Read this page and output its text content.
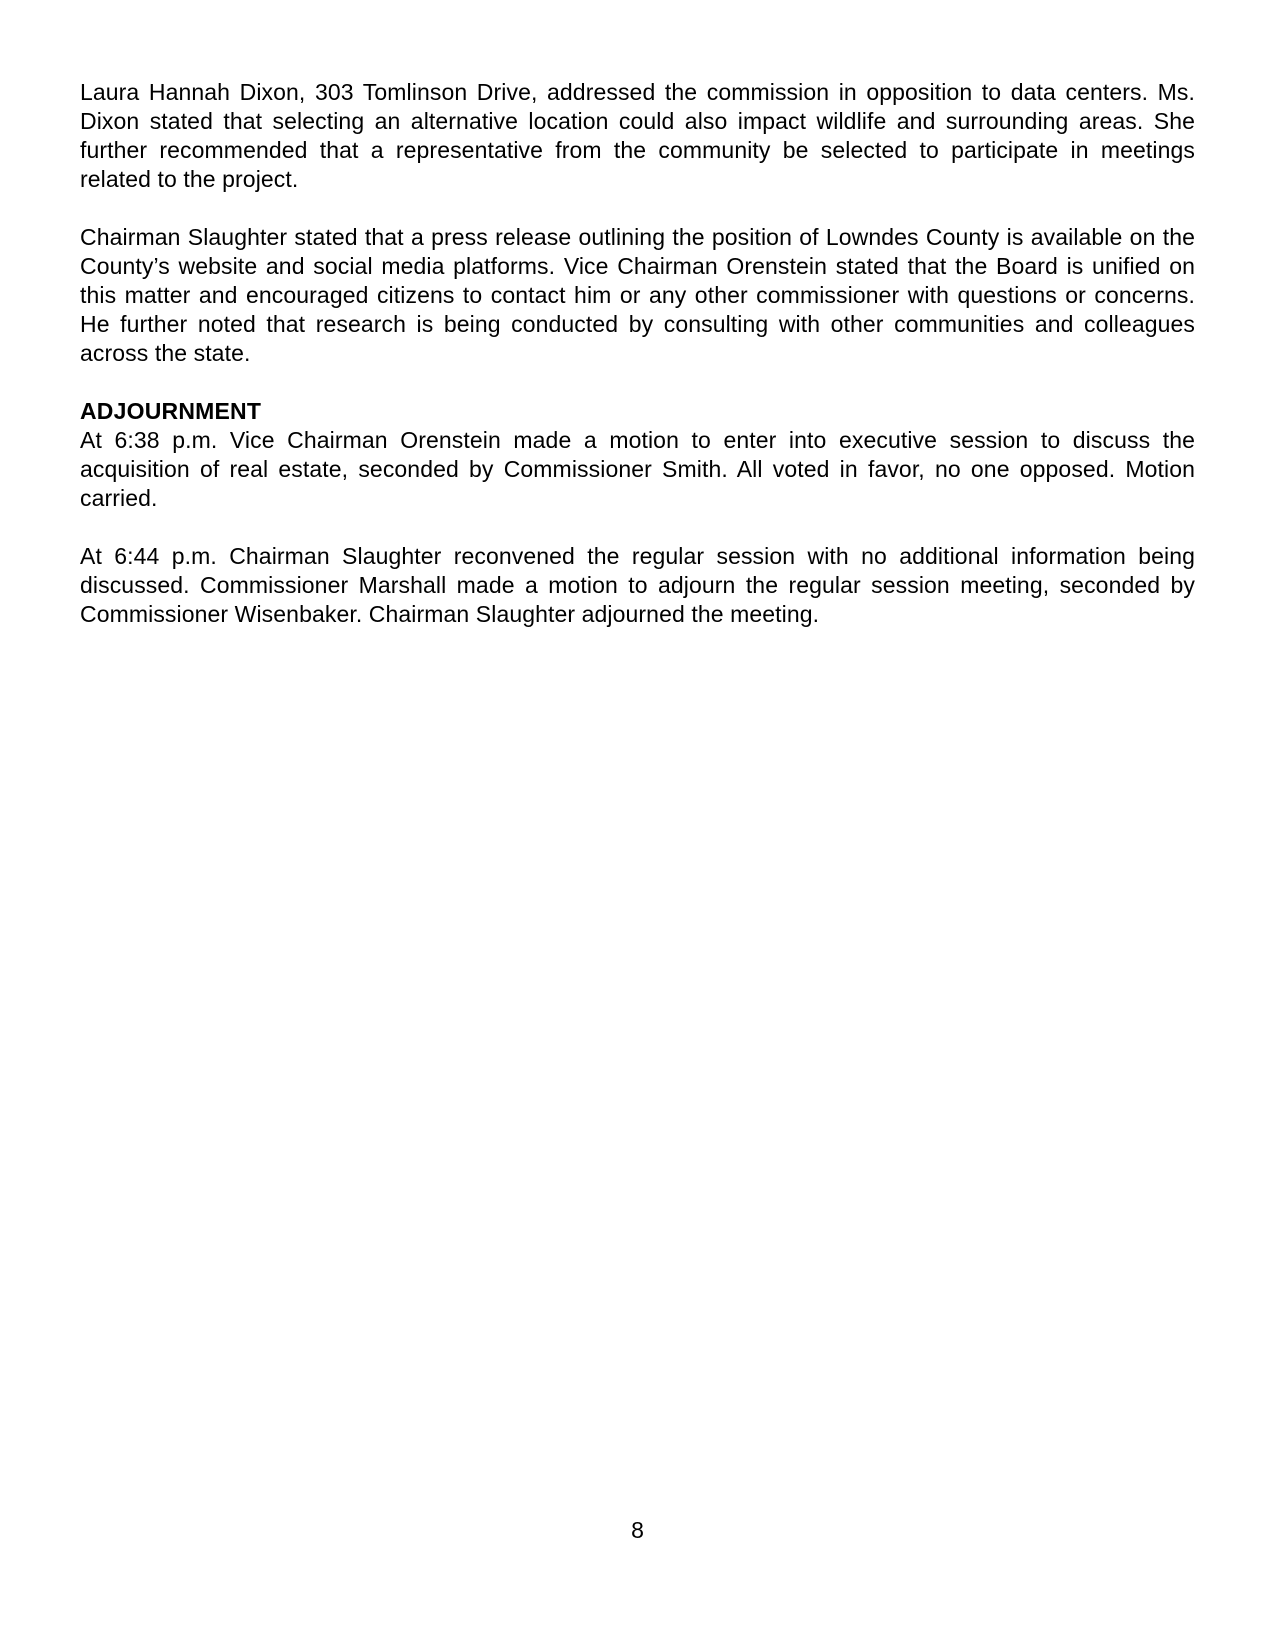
Laura Hannah Dixon, 303 Tomlinson Drive, addressed the commission in opposition to data centers. Ms. Dixon stated that selecting an alternative location could also impact wildlife and surrounding areas. She further recommended that a representative from the community be selected to participate in meetings related to the project.

Chairman Slaughter stated that a press release outlining the position of Lowndes County is available on the County’s website and social media platforms. Vice Chairman Orenstein stated that the Board is unified on this matter and encouraged citizens to contact him or any other commissioner with questions or concerns. He further noted that research is being conducted by consulting with other communities and colleagues across the state.

ADJOURNMENT

At 6:38 p.m. Vice Chairman Orenstein made a motion to enter into executive session to discuss the acquisition of real estate, seconded by Commissioner Smith. All voted in favor, no one opposed. Motion carried.

At 6:44 p.m. Chairman Slaughter reconvened the regular session with no additional information being discussed. Commissioner Marshall made a motion to adjourn the regular session meeting, seconded by Commissioner Wisenbaker. Chairman Slaughter adjourned the meeting.

8
